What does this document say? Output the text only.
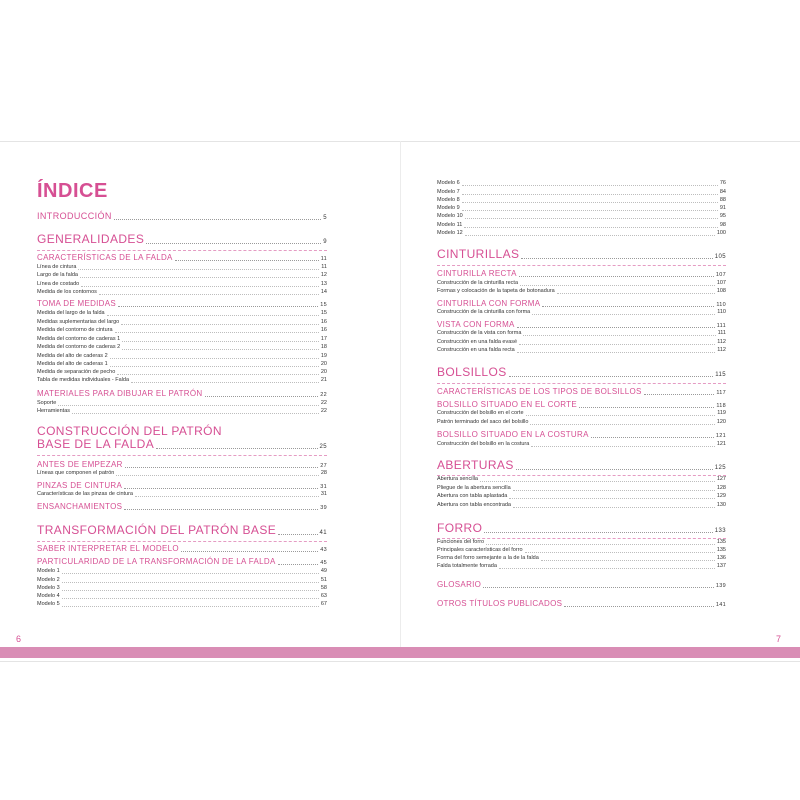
ÍNDICE
INTRODUCCIÓN	5
GENERALIDADES	9
CARACTERÍSTICAS DE LA FALDA	11
Línea de cintura	11
Largo de la falda	12
Línea de costado	13
Medida de los contornos	14
TOMA DE MEDIDAS	15
Medida del largo de la falda	15
Medidas suplementarias del largo	16
Medida del contorno de cintura	16
Medida del contorno de caderas 1	17
Medida del contorno de caderas 2	18
Medida del alto de caderas 2	19
Medida del alto de caderas 1	20
Medida de separación de pecho	20
Tabla de medidas individuales - Falda	21
MATERIALES PARA DIBUJAR EL PATRÓN	22
Soporte	22
Herramientas	22
CONSTRUCCIÓN DEL PATRÓN
BASE DE LA FALDA	25
ANTES DE EMPEZAR	27
Líneas que componen el patrón	28
PINZAS DE CINTURA	31
Características de las pinzas de cintura	31
ENSANCHAMIENTOS	39
TRANSFORMACIÓN DEL PATRÓN BASE	41
SABER INTERPRETAR EL MODELO	43
PARTICULARIDAD DE LA TRANSFORMACIÓN DE LA FALDA	45
Modelo 1	49
Modelo 2	51
Modelo 3	58
Modelo 4	63
Modelo 5	67
Modelo 6	76
Modelo 7	84
Modelo 8	88
Modelo 9	91
Modelo 10	95
Modelo 11	98
Modelo 12	100
CINTURILLAS	105
CINTURILLA RECTA	107
Construcción de la cinturilla recta	107
Formas y colocación de la tapeta de botonadura	108
CINTURILLA CON FORMA	110
Construcción de la cinturilla con forma	110
VISTA CON FORMA	111
Construcción de la vista con forma	111
Construcción en una falda evasé	112
Construcción en una falda recta	112
BOLSILLOS	115
CARACTERÍSTICAS DE LOS TIPOS DE BOLSILLOS	117
BOLSILLO SITUADO EN EL CORTE	118
Construcción del bolsillo en el corte	119
Patrón terminado del saco del bolsillo	120
BOLSILLO SITUADO EN LA COSTURA	121
Construcción del bolsillo en la costura	121
ABERTURAS	125
Abertura sencilla	127
Pliegue de la abertura sencilla	128
Abertura con tabla aplastada	129
Abertura con tabla encontrada	130
FORRO	133
Funciones del forro	135
Principales características del forro	135
Forma del forro semejante a la de la falda	136
Falda totalmente forrada	137
GLOSARIO	139
OTROS TÍTULOS PUBLICADOS	141
6	7
